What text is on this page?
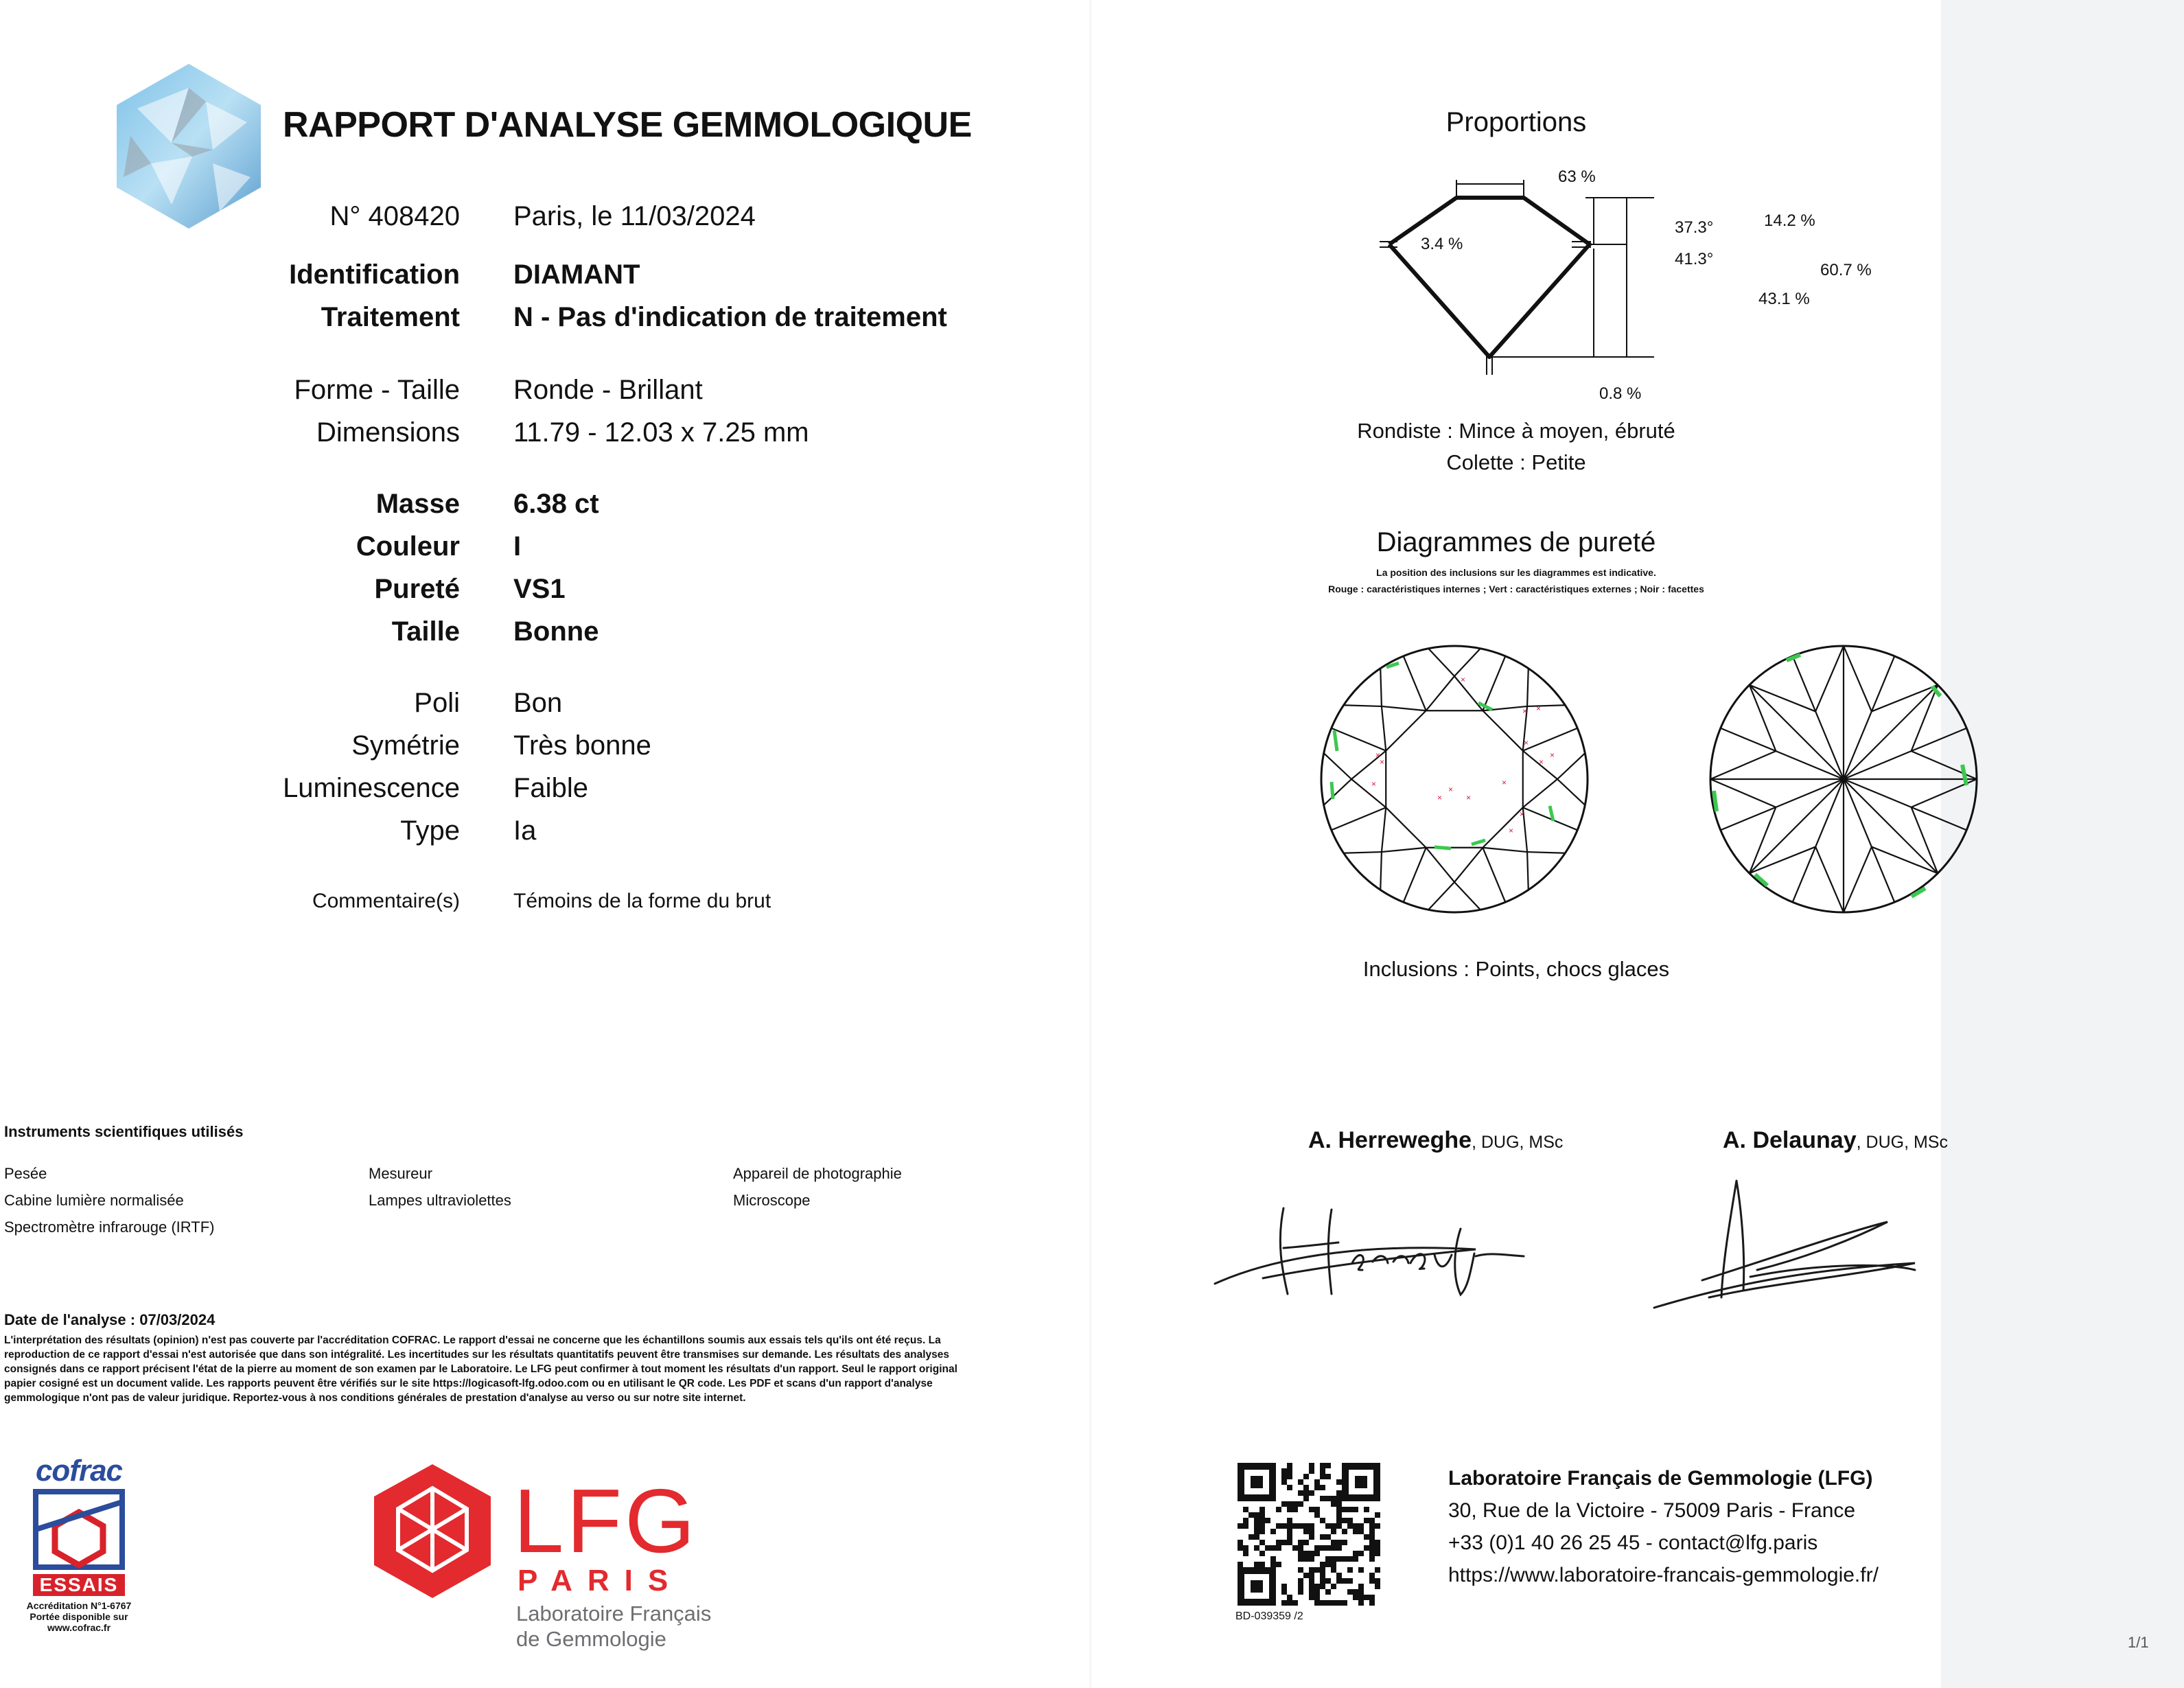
RAPPORT D'ANALYSE GEMMOLOGIQUE
N° 408420 Paris, le 11/03/2024
Identification DIAMANT
Traitement N - Pas d'indication de traitement
Forme - Taille Ronde - Brillant
Dimensions 11.79 - 12.03 x 7.25 mm
Masse 6.38 ct
Couleur I
Pureté VS1
Taille Bonne
Poli Bon
Symétrie Très bonne
Luminescence Faible
Type Ia
Commentaire(s)	Témoins de la forme du brut
Instruments scientifiques utilisés
Pesée
Cabine lumière normalisée
Spectromètre infrarouge (IRTF)
Mesureur
Lampes ultraviolettes
Appareil de photographie
Microscope
Date de l'analyse : 07/03/2024
L'interprétation des résultats (opinion) n'est pas couverte par l'accréditation COFRAC. Le rapport d'essai ne concerne que les échantillons soumis aux essais tels qu'ils ont été reçus. La
reproduction de ce rapport d'essai n'est autorisée que dans son intégralité. Les incertitudes sur les résultats quantitatifs peuvent être transmises sur demande. Les résultats des analyses
consignés dans ce rapport précisent l'état de la pierre au moment de son examen par le Laboratoire. Le LFG peut confirmer à tout moment les résultats d'un rapport. Seul le rapport original
papier cosigné est un document valide. Les rapports peuvent être vérifiés sur le site https://logicasoft-lfg.odoo.com ou en utilisant le QR code. Les PDF et scans d'un rapport d'analyse
gemmologique n'ont pas de valeur juridique. Reportez-vous à nos conditions générales de prestation d'analyse au verso ou sur notre site internet.
cofrac
ESSAIS
Accréditation N°1-6767
Portée disponible sur
www.cofrac.fr
LFG
PARIS
Laboratoire Français
de Gemmologie
Proportions
63 %
37.3°
41.3°
14.2 %
43.1 %
60.7 %
3.4 %
0.8 %
Rondiste : Mince à moyen, ébruté
Colette : Petite
Diagrammes de pureté
La position des inclusions sur les diagrammes est indicative.
Rouge : caractéristiques internes ; Vert : caractéristiques externes ; Noir : facettes
×
× ×
×
×
×
×
×
×	×
×
×
×
×
×
Inclusions : Points, chocs glaces
A. Herreweghe, DUG, MSc	A. Delaunay, DUG, MSc
BD-039359 /2
Laboratoire Français de Gemmologie (LFG)
30, Rue de la Victoire - 75009 Paris - France
+33 (0)1 40 26 25 45 - contact@lfg.paris
https://www.laboratoire-francais-gemmologie.fr/
1/1
